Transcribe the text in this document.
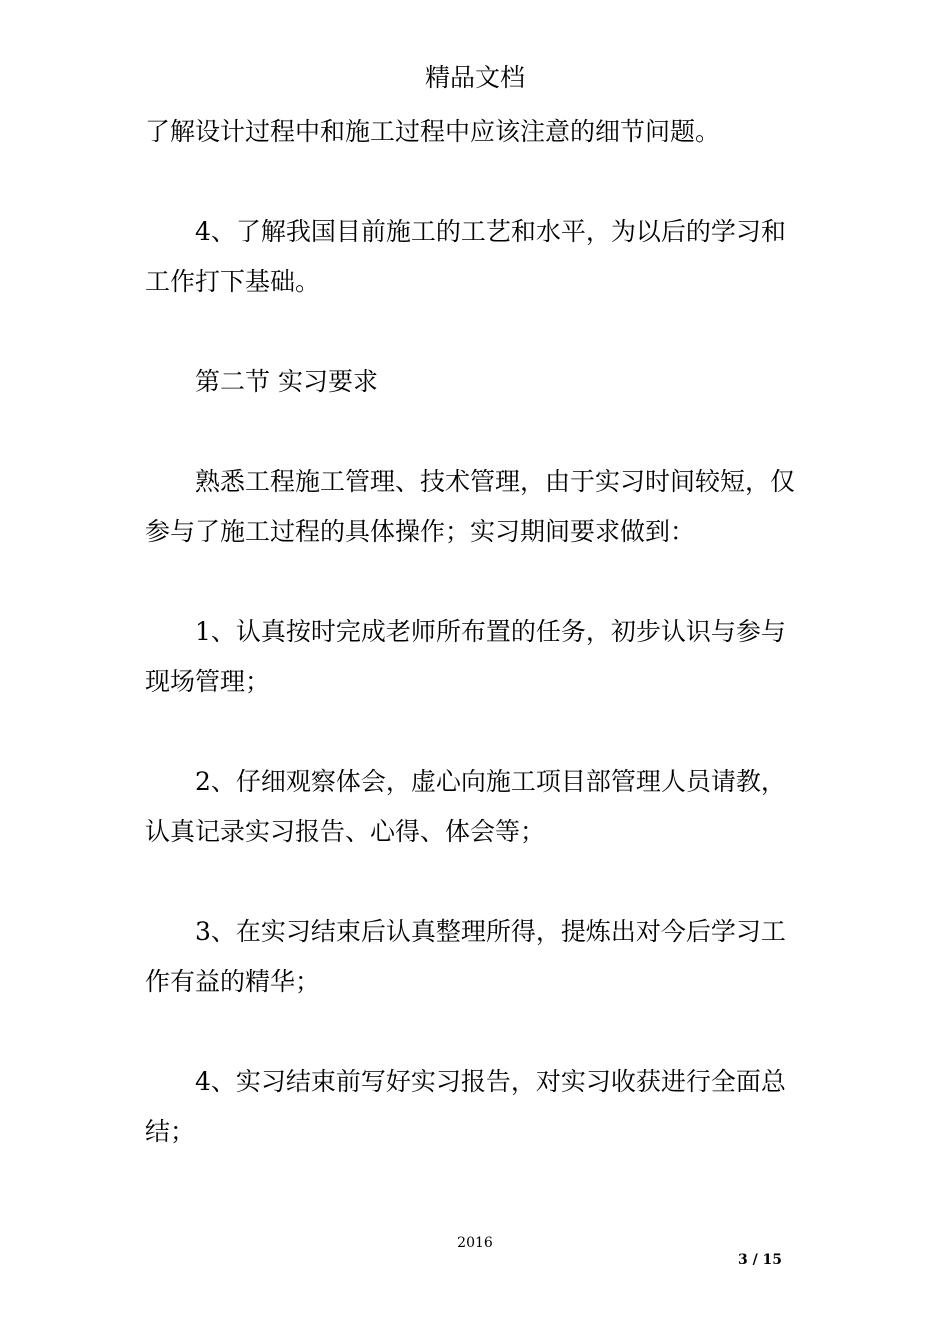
精品文档
了解设计过程中和施工过程中应该注意的细节问题。
4、了解我国目前施工的工艺和水平，为以后的学习和
工作打下基础。
第二节 实习要求
熟悉工程施工管理、技术管理，由于实习时间较短，仅
参与了施工过程的具体操作；实习期间要求做到：
1、认真按时完成老师所布置的任务，初步认识与参与
现场管理；
2、仔细观察体会，虚心向施工项目部管理人员请教，
认真记录实习报告、心得、体会等；
3、在实习结束后认真整理所得，提炼出对今后学习工
作有益的精华；
4、实习结束前写好实习报告，对实习收获进行全面总
结；
2016
3 / 15
